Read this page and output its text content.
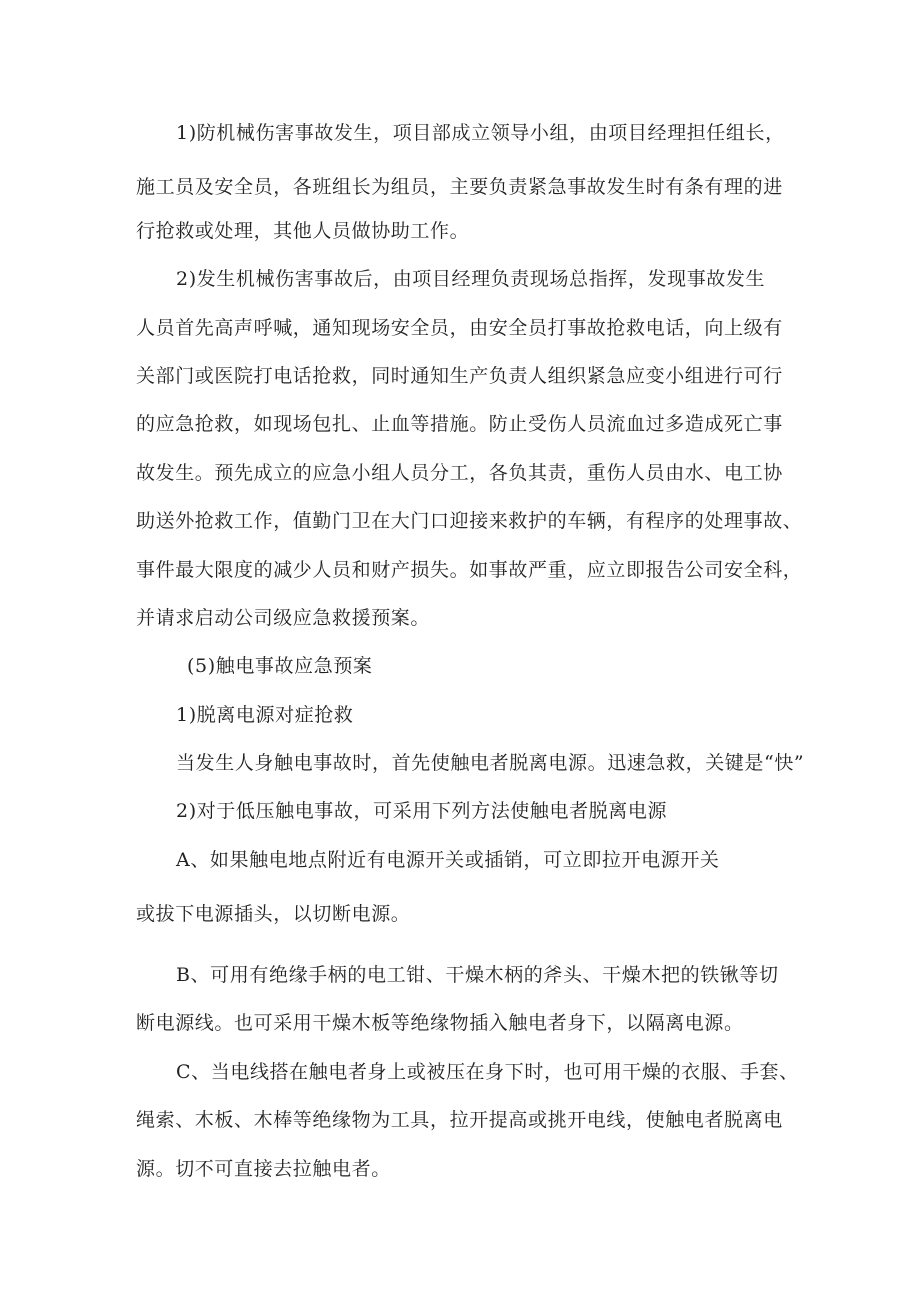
1)防机械伤害事故发生，项目部成立领导小组，由项目经理担任组长，
施工员及安全员，各班组长为组员，主要负责紧急事故发生时有条有理的进
行抢救或处理，其他人员做协助工作。
2)发生机械伤害事故后，由项目经理负责现场总指挥，发现事故发生
人员首先高声呼喊，通知现场安全员，由安全员打事故抢救电话，向上级有
关部门或医院打电话抢救，同时通知生产负责人组织紧急应变小组进行可行
的应急抢救，如现场包扎、止血等措施。防止受伤人员流血过多造成死亡事
故发生。预先成立的应急小组人员分工，各负其责，重伤人员由水、电工协
助送外抢救工作，值勤门卫在大门口迎接来救护的车辆，有程序的处理事故、
事件最大限度的减少人员和财产损失。如事故严重，应立即报告公司安全科，
并请求启动公司级应急救援预案。
(5)触电事故应急预案
1)脱离电源对症抢救
当发生人身触电事故时，首先使触电者脱离电源。迅速急救，关键是“快”
2)对于低压触电事故，可采用下列方法使触电者脱离电源
A、如果触电地点附近有电源开关或插销，可立即拉开电源开关
或拔下电源插头，以切断电源。
B、可用有绝缘手柄的电工钳、干燥木柄的斧头、干燥木把的铁锹等切
断电源线。也可采用干燥木板等绝缘物插入触电者身下，以隔离电源。
C、当电线搭在触电者身上或被压在身下时，也可用干燥的衣服、手套、
绳索、木板、木棒等绝缘物为工具，拉开提高或挑开电线，使触电者脱离电
源。切不可直接去拉触电者。
